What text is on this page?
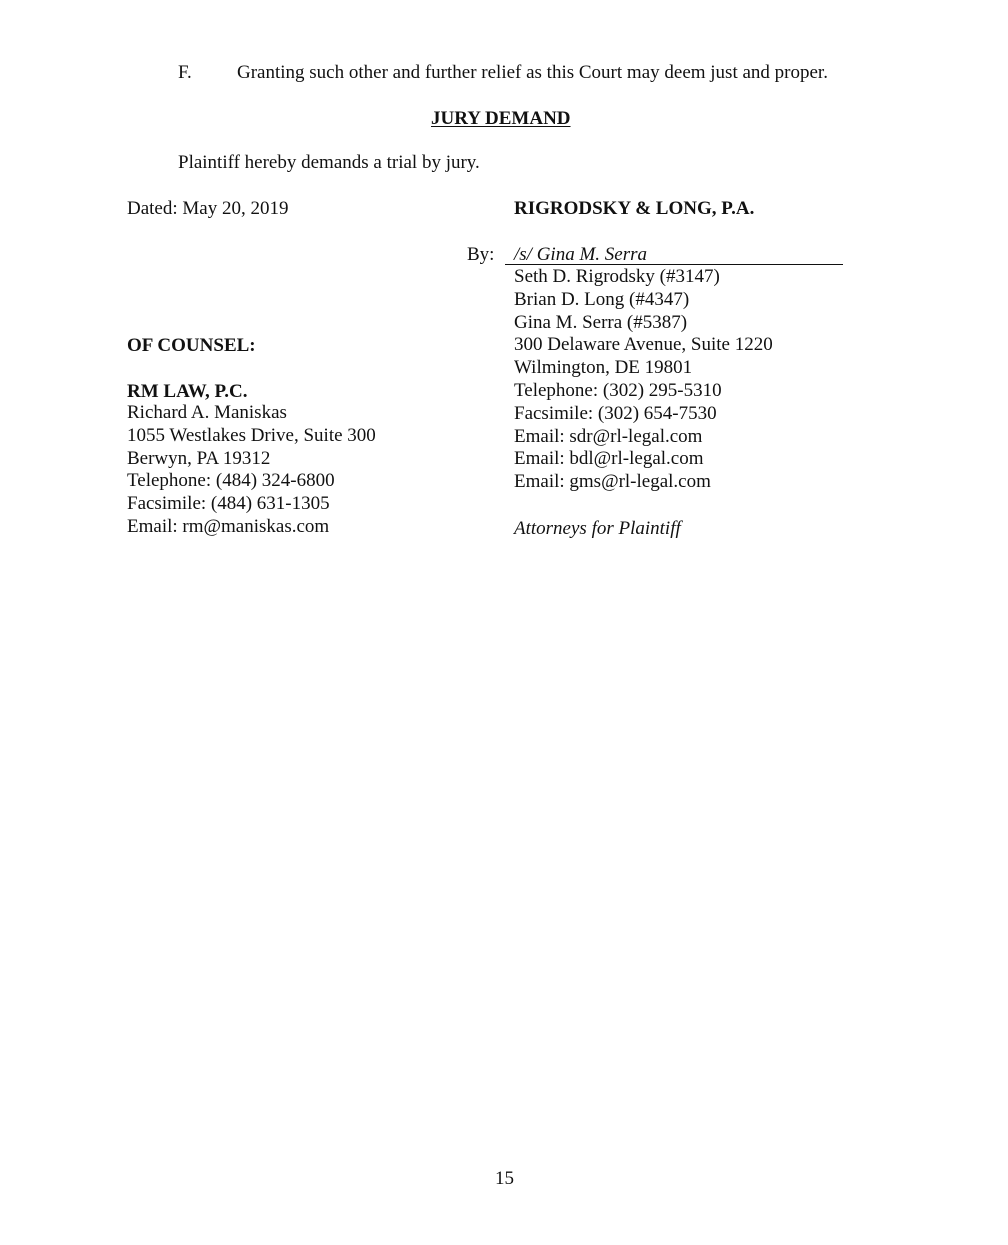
F. Granting such other and further relief as this Court may deem just and proper.
JURY DEMAND
Plaintiff hereby demands a trial by jury.
Dated: May 20, 2019	RIGRODSKY & LONG, P.A.
By: /s/ Gina M. Serra
Seth D. Rigrodsky (#3147)
Brian D. Long (#4347)
Gina M. Serra (#5387)
300 Delaware Avenue, Suite 1220
Wilmington, DE 19801
Telephone: (302) 295-5310
Facsimile: (302) 654-7530
Email: sdr@rl-legal.com
Email: bdl@rl-legal.com
Email: gms@rl-legal.com
Attorneys for Plaintiff
OF COUNSEL:
RM LAW, P.C.
Richard A. Maniskas
1055 Westlakes Drive, Suite 300
Berwyn, PA 19312
Telephone: (484) 324-6800
Facsimile: (484) 631-1305
Email: rm@maniskas.com
15
